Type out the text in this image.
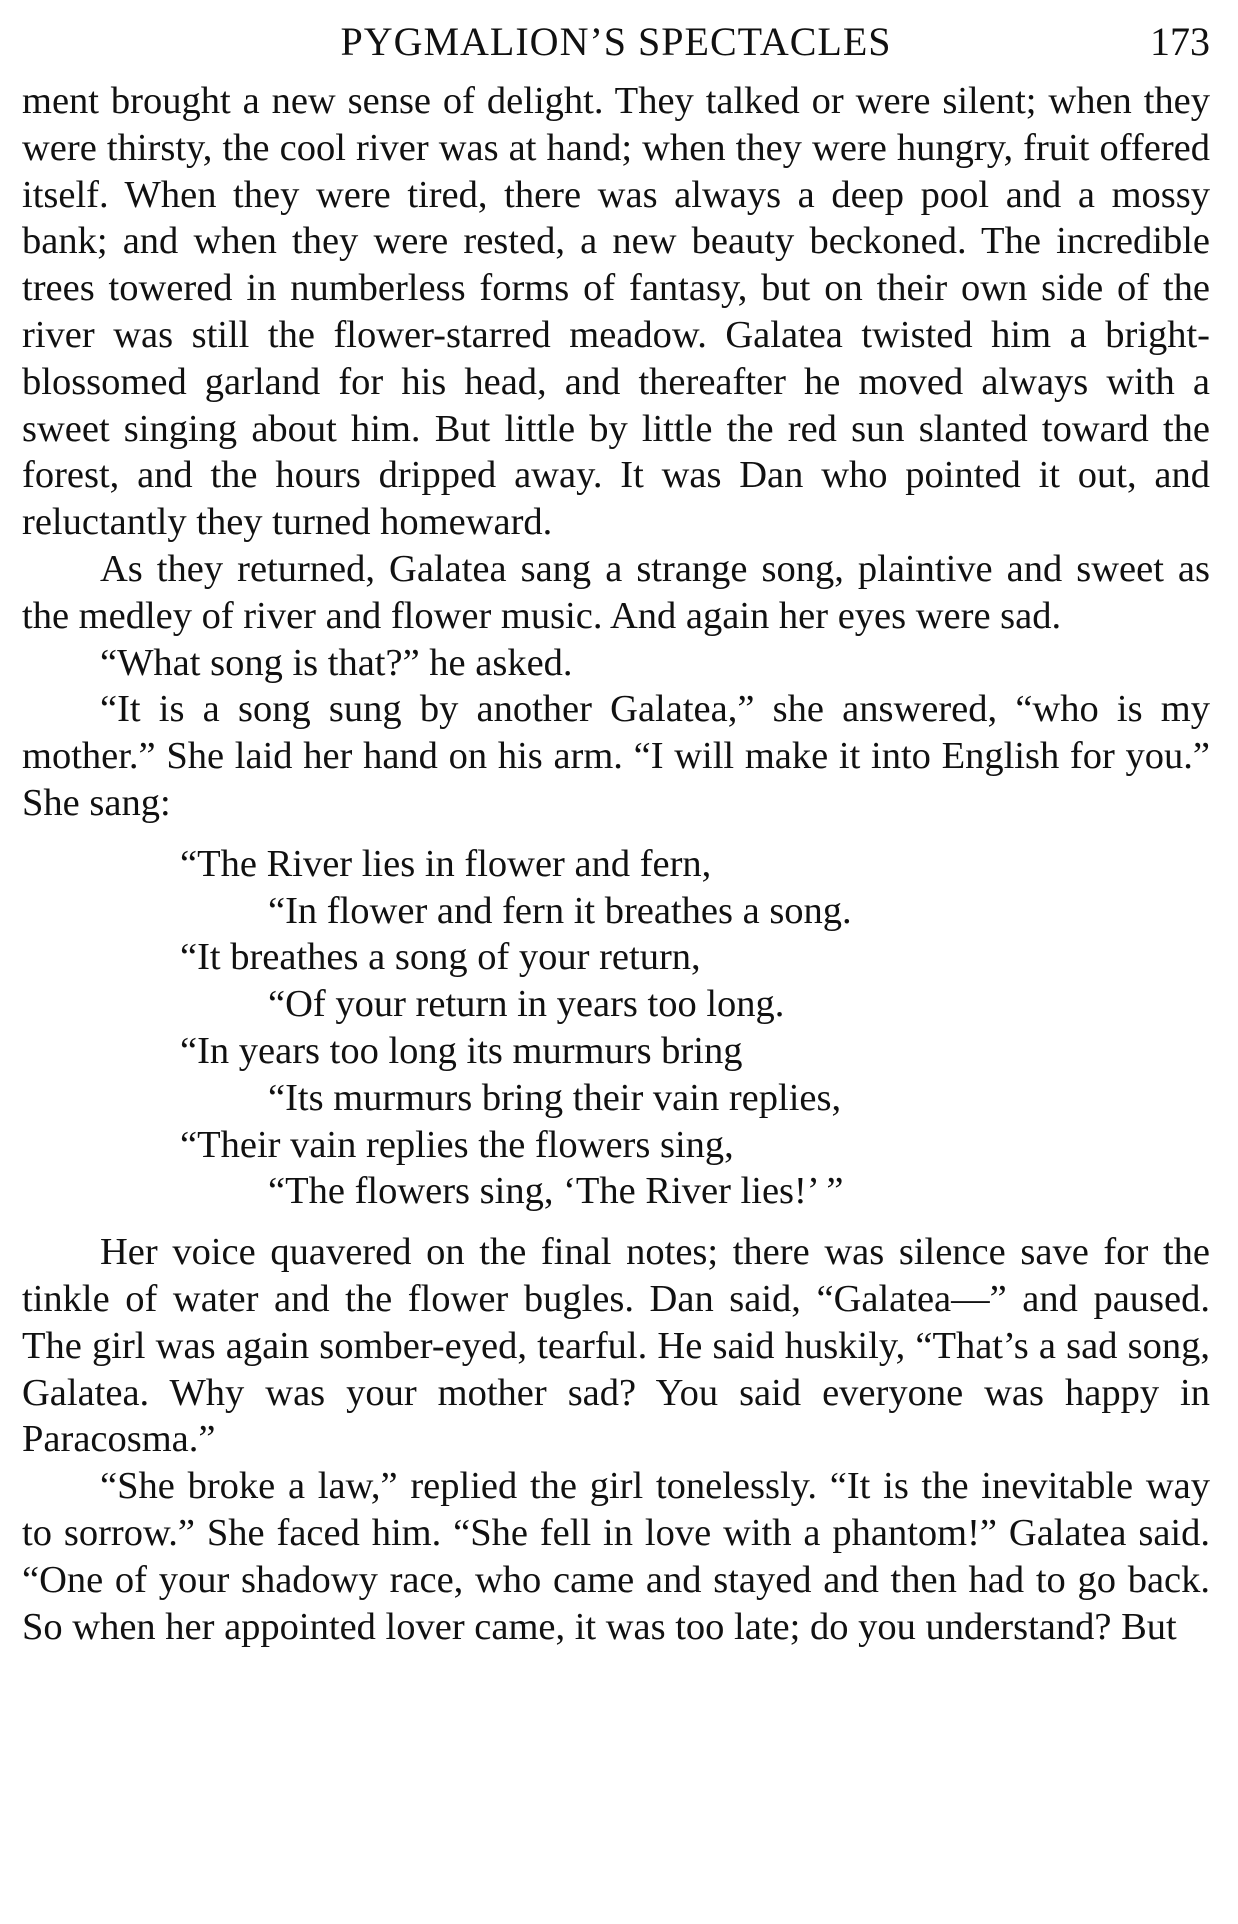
PYGMALION’S SPECTACLES	173

ment brought a new sense of delight. They talked or were silent; when they were thirsty, the cool river was at hand; when they were hungry, fruit offered itself. When they were tired, there was always a deep pool and a mossy bank; and when they were rested, a new beauty beckoned. The incredible trees towered in numberless forms of fantasy, but on their own side of the river was still the flower-starred meadow. Galatea twisted him a bright-blossomed garland for his head, and thereafter he moved always with a sweet singing about him. But little by little the red sun slanted toward the forest, and the hours dripped away. It was Dan who pointed it out, and reluctantly they turned homeward.

As they returned, Galatea sang a strange song, plaintive and sweet as the medley of river and flower music. And again her eyes were sad.

“What song is that?” he asked.

“It is a song sung by another Galatea,” she answered, “who is my mother.” She laid her hand on his arm. “I will make it into English for you.” She sang:

“The River lies in flower and fern,
“In flower and fern it breathes a song.
“It breathes a song of your return,
“Of your return in years too long.
“In years too long its murmurs bring
“Its murmurs bring their vain replies,
“Their vain replies the flowers sing,
“The flowers sing, ‘The River lies!’ ”

Her voice quavered on the final notes; there was silence save for the tinkle of water and the flower bugles. Dan said, “Galatea—” and paused. The girl was again somber-eyed, tearful. He said huskily, “That’s a sad song, Galatea. Why was your mother sad? You said everyone was happy in Paracosma.”

“She broke a law,” replied the girl tonelessly. “It is the inevitable way to sorrow.” She faced him. “She fell in love with a phantom!” Galatea said. “One of your shadowy race, who came and stayed and then had to go back. So when her appointed lover came, it was too late; do you understand? But
